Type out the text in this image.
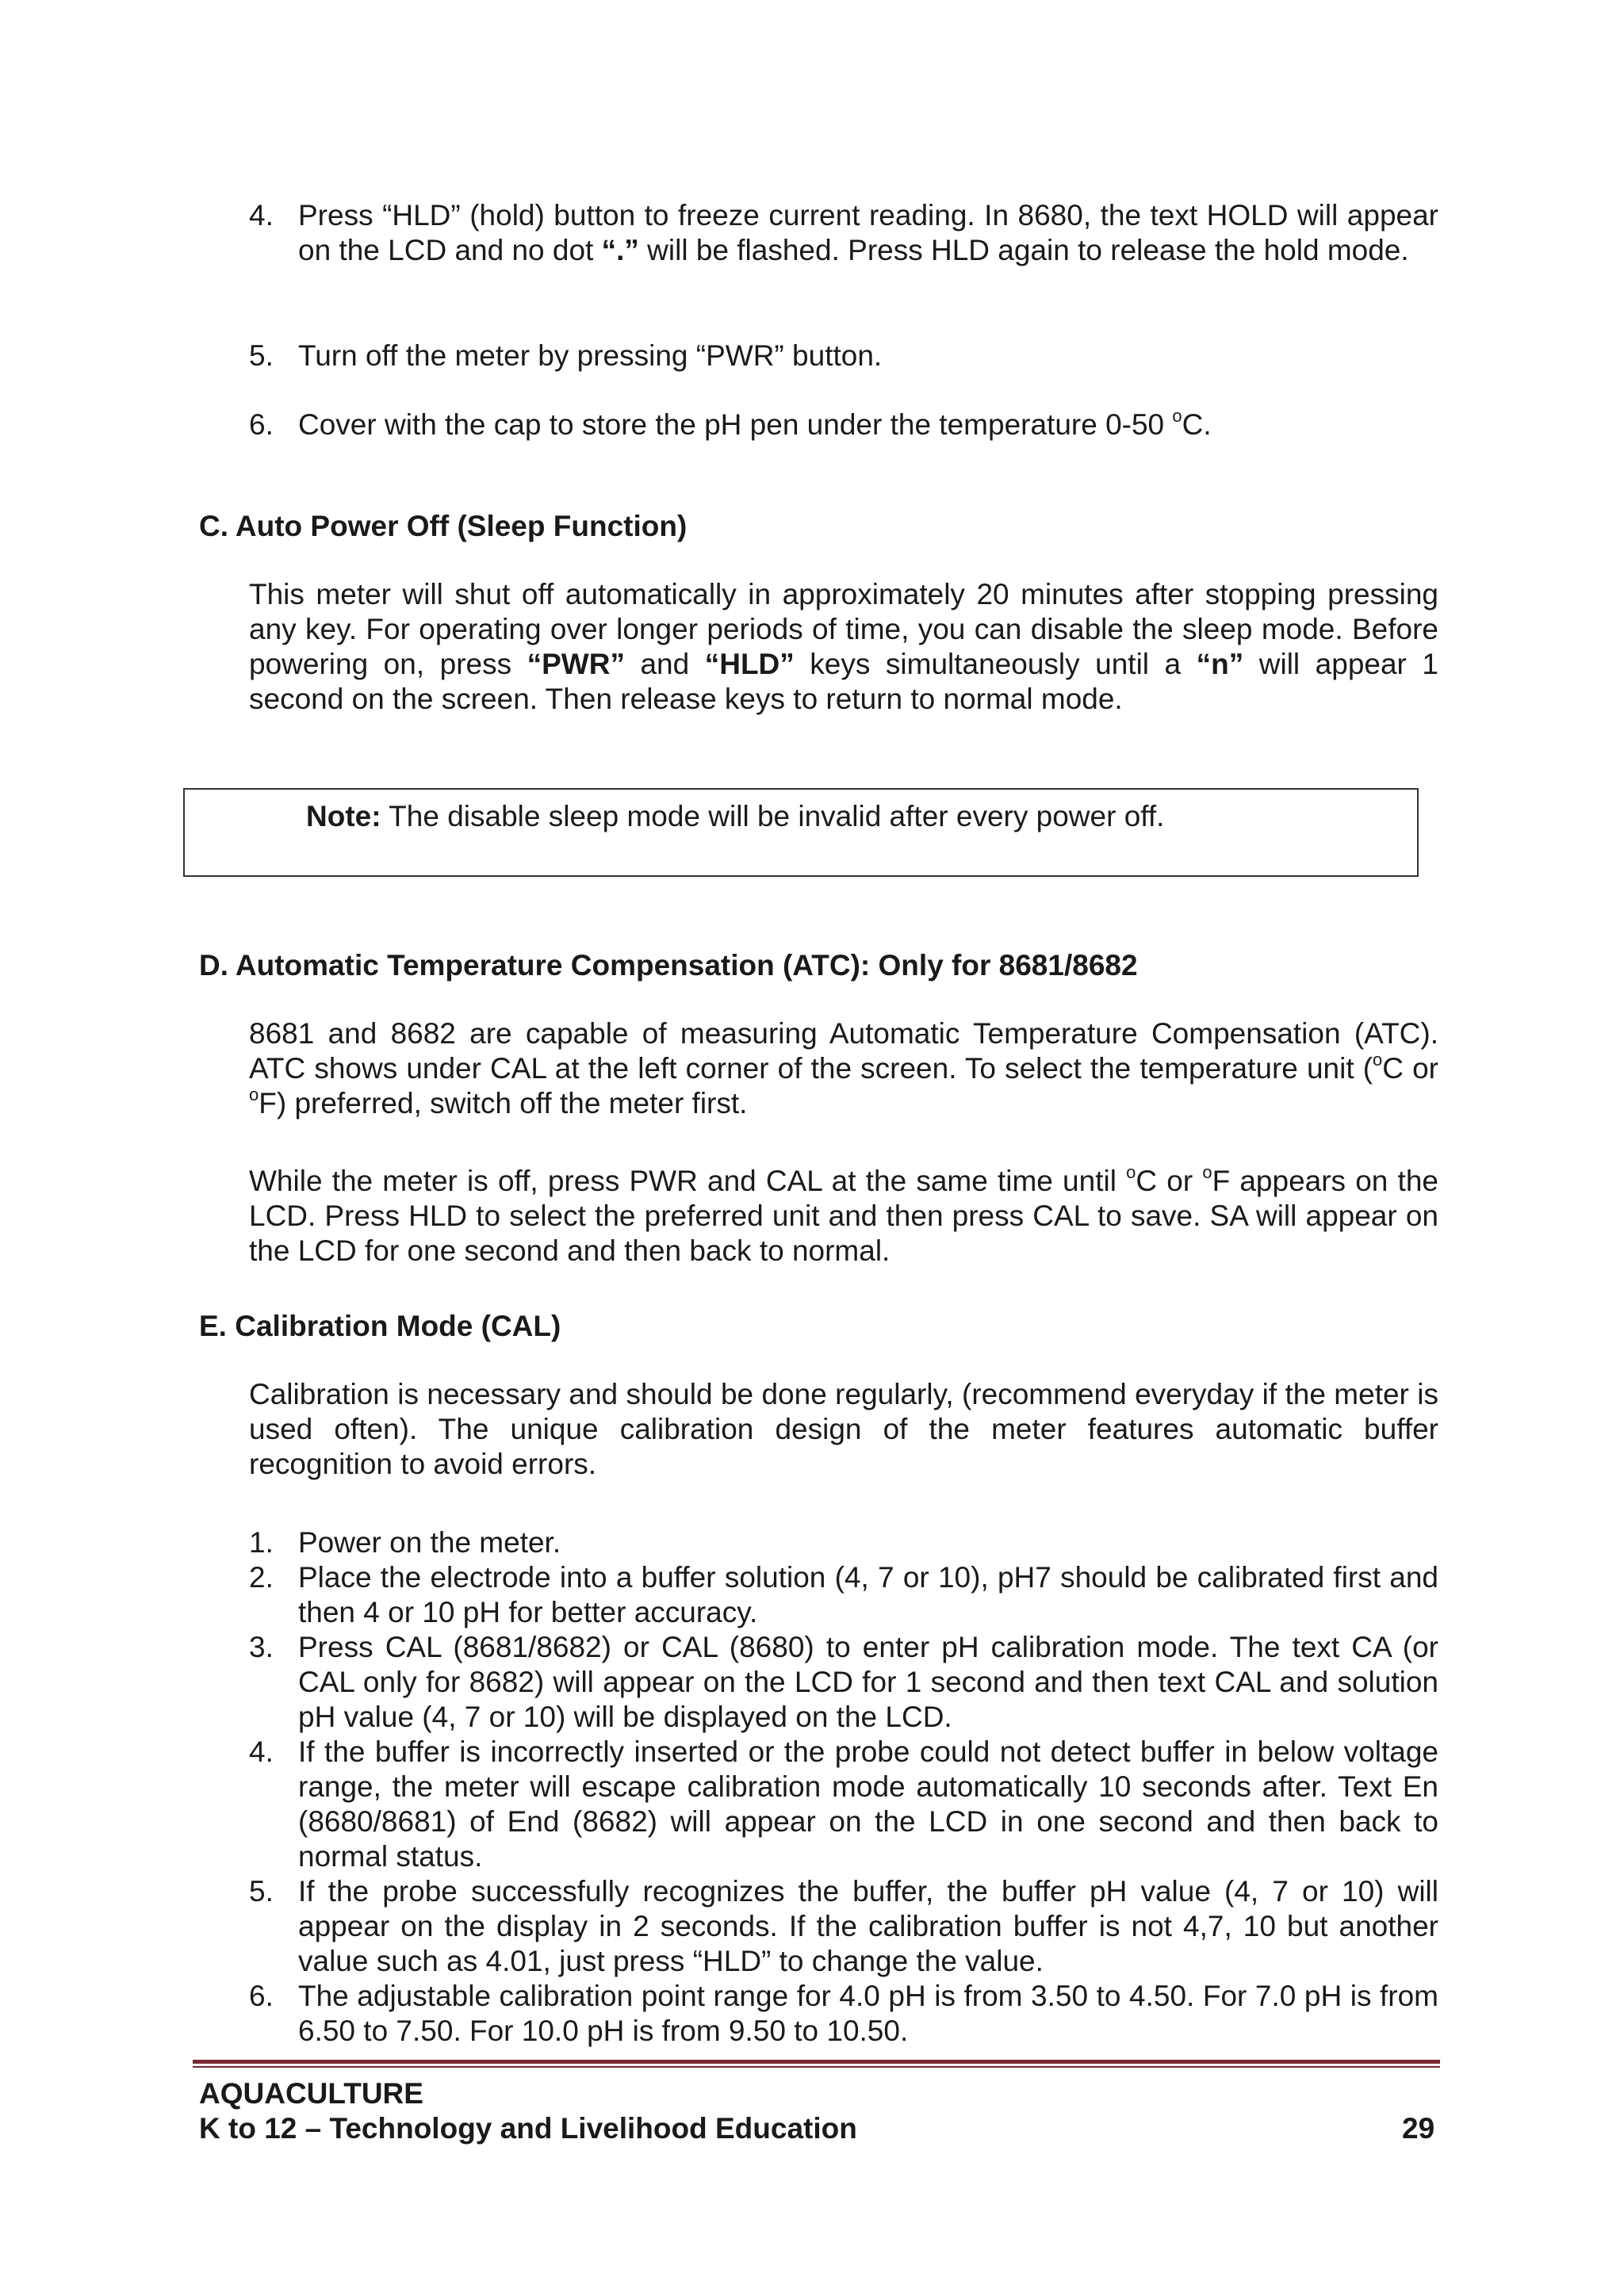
4. Press “HLD” (hold) button to freeze current reading. In 8680, the text HOLD will appear on the LCD and no dot “.” will be flashed. Press HLD again to release the hold mode.

5. Turn off the meter by pressing “PWR” button.

6. Cover with the cap to store the pH pen under the temperature 0-50 $^o$C.

C. Auto Power Off (Sleep Function)

This meter will shut off automatically in approximately 20 minutes after stopping pressing any key. For operating over longer periods of time, you can disable the sleep mode. Before powering on, press “PWR” and “HLD” keys simultaneously until a “n” will appear 1 second on the screen. Then release keys to return to normal mode.

Note: The disable sleep mode will be invalid after every power off.
D. Automatic Temperature Compensation (ATC): Only for 8681/8682

8681 and 8682 are capable of measuring Automatic Temperature Compensation (ATC). ATC shows under CAL at the left corner of the screen. To select the temperature unit ($^o$C or $^o$F) preferred, switch off the meter first.

While the meter is off, press PWR and CAL at the same time until $^o$C or $^o$F appears on the LCD. Press HLD to select the preferred unit and then press CAL to save. SA will appear on the LCD for one second and then back to normal.

E. Calibration Mode (CAL)

Calibration is necessary and should be done regularly, (recommend everyday if the meter is used often). The unique calibration design of the meter features automatic buffer recognition to avoid errors.

1. Power on the meter.

2. Place the electrode into a buffer solution (4, 7 or 10), pH7 should be calibrated first and then 4 or 10 pH for better accuracy.

3. Press CAL (8681/8682) or CAL (8680) to enter pH calibration mode. The text CA (or CAL only for 8682) will appear on the LCD for 1 second and then text CAL and solution pH value (4, 7 or 10) will be displayed on the LCD.

4. If the buffer is incorrectly inserted or the probe could not detect buffer in below voltage range, the meter will escape calibration mode automatically 10 seconds after. Text En (8680/8681) of End (8682) will appear on the LCD in one second and then back to normal status.

5. If the probe successfully recognizes the buffer, the buffer pH value (4, 7 or 10) will appear on the display in 2 seconds. If the calibration buffer is not 4,7, 10 but another value such as 4.01, just press “HLD” to change the value.

6. The adjustable calibration point range for 4.0 pH is from 3.50 to 4.50. For 7.0 pH is from 6.50 to 7.50. For 10.0 pH is from 9.50 to 10.50.

AQUACULTURE
K to 12 – Technology and Livelihood Education	29
